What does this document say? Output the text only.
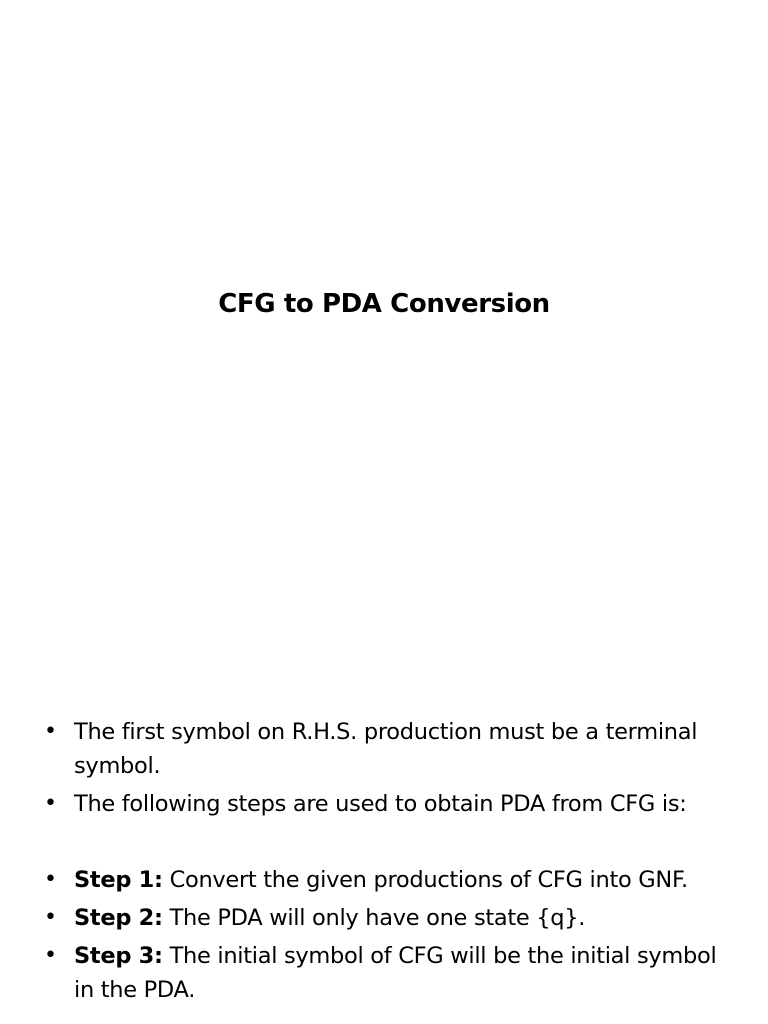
CFG to PDA Conversion
• The first symbol on R.H.S. production must be a terminal symbol.
• The following steps are used to obtain PDA from CFG is:
• Step 1: Convert the given productions of CFG into GNF.
• Step 2: The PDA will only have one state {q}.
• Step 3: The initial symbol of CFG will be the initial symbol in the PDA.
